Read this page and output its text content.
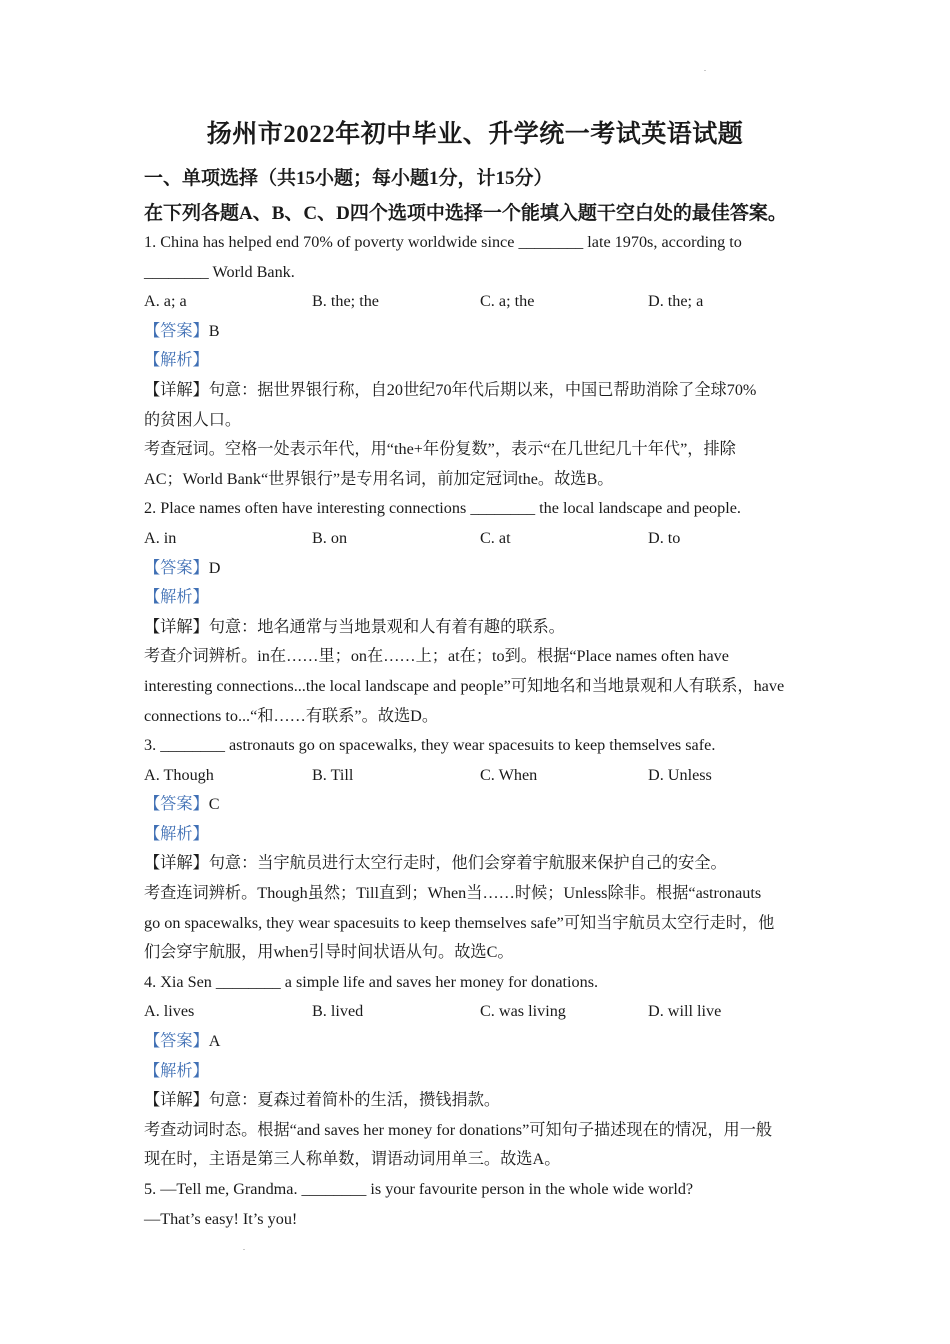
扬州市2022年初中毕业、升学统一考试英语试题
一、单项选择（共15小题；每小题1分，计15分）
在下列各题A、B、C、D四个选项中选择一个能填入题干空白处的最佳答案。
1. China has helped end 70% of poverty worldwide since ________ late 1970s, according to
________ World Bank.
A. a; a	B. the; the	C. a; the	D. the; a
【答案】B
【解析】
【详解】句意：据世界银行称，自20世纪70年代后期以来，中国已帮助消除了全球70%
的贫困人口。
考查冠词。空格一处表示年代，用“the+年份复数”，表示“在几世纪几十年代”，排除
AC；World Bank“世界银行”是专用名词，前加定冠词the。故选B。
2. Place names often have interesting connections ________ the local landscape and people.
A. in	B. on	C. at	D. to
【答案】D
【解析】
【详解】句意：地名通常与当地景观和人有着有趣的联系。
考查介词辨析。in在……里；on在……上；at在；to到。根据“Place names often have
interesting connections...the local landscape and people”可知地名和当地景观和人有联系，have
connections to...“和……有联系”。故选D。
3. ________ astronauts go on spacewalks, they wear spacesuits to keep themselves safe.
A. Though	B. Till	C. When	D. Unless
【答案】C
【解析】
【详解】句意：当宇航员进行太空行走时，他们会穿着宇航服来保护自己的安全。
考查连词辨析。Though虽然；Till直到；When当……时候；Unless除非。根据“astronauts
go on spacewalks, they wear spacesuits to keep themselves safe”可知当宇航员太空行走时，他
们会穿宇航服，用when引导时间状语从句。故选C。
4. Xia Sen ________ a simple life and saves her money for donations.
A. lives	B. lived	C. was living	D. will live
【答案】A
【解析】
【详解】句意：夏森过着简朴的生活，攒钱捐款。
考查动词时态。根据“and saves her money for donations”可知句子描述现在的情况，用一般
现在时，主语是第三人称单数，谓语动词用单三。故选A。
5. —Tell me, Grandma. ________ is your favourite person in the whole wide world?
—That’s easy! It’s you!
